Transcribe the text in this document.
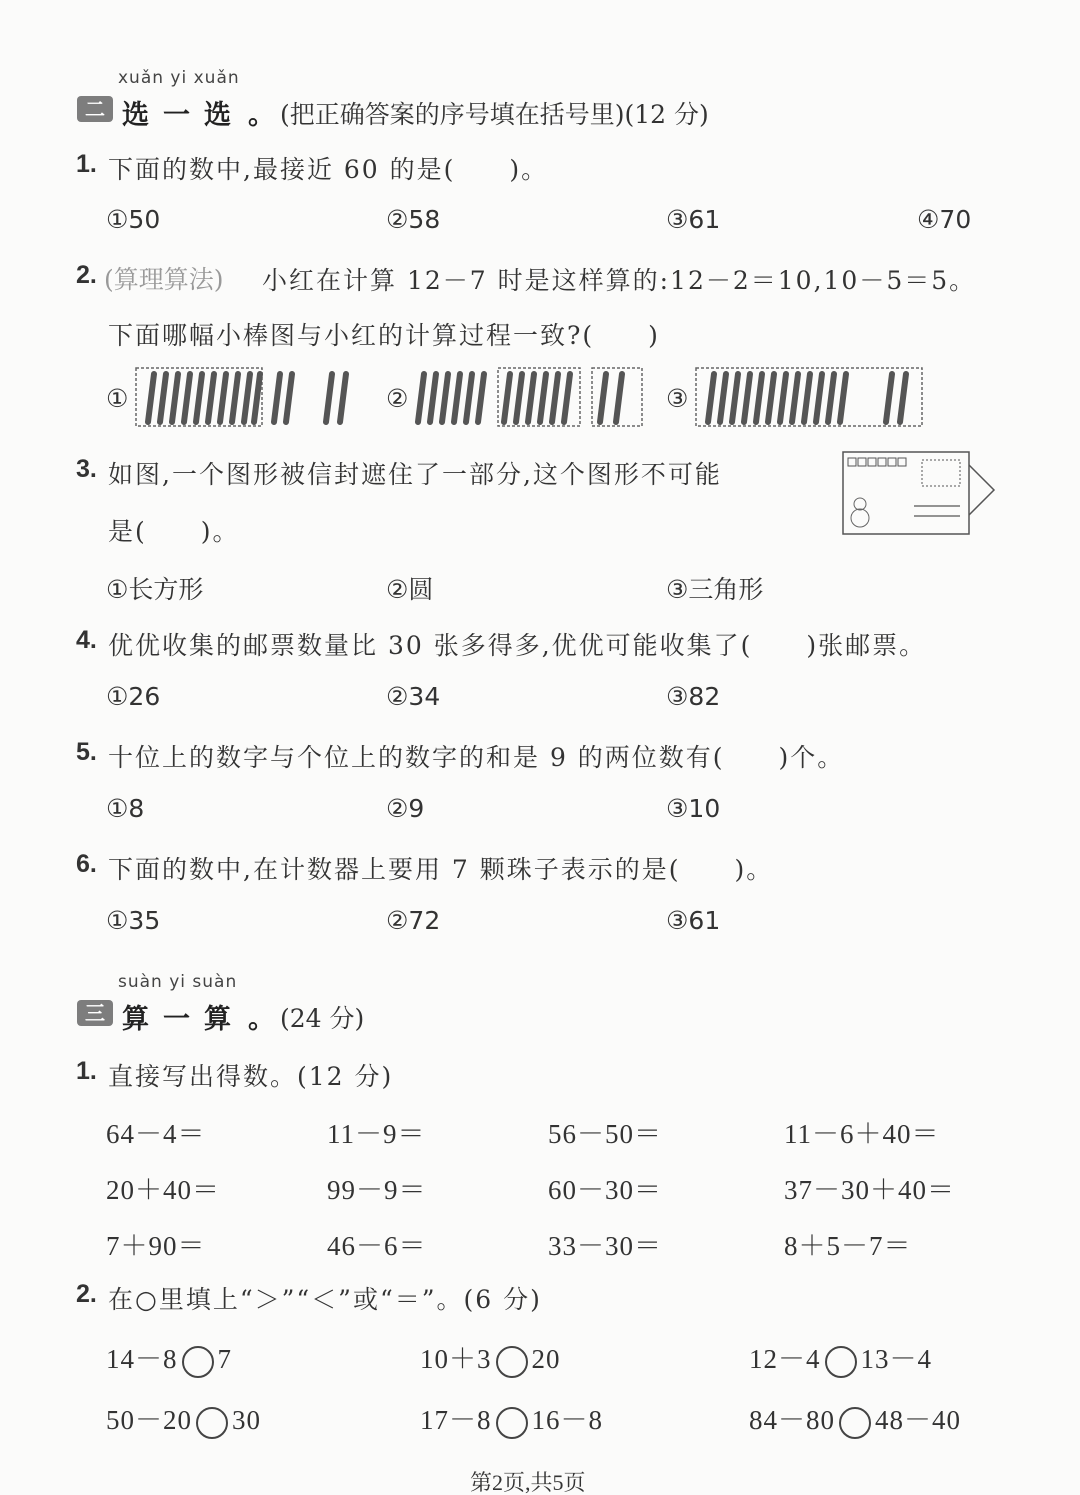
xuǎn yi xuǎn
二 选一选 。
(把正确答案的序号填在括号里)(12 分)
1. 下面的数中,最接近 60 的是(　　)。
①50	②58	③61	④70
2. (算理算法) 小红在计算 12－7 时是这样算的:12－2＝10,10－5＝5。
下面哪幅小棒图与小红的计算过程一致?(　　)
①	②	③
3. 如图,一个图形被信封遮住了一部分,这个图形不可能
是(　　)。
①长方形	②圆	③三角形
4. 优优收集的邮票数量比 30 张多得多,优优可能收集了(　　)张邮票。
①26	②34	③82
5. 十位上的数字与个位上的数字的和是 9 的两位数有(　　)个。
①8	②9	③10
6. 下面的数中,在计数器上要用 7 颗珠子表示的是(　　)。
①35	②72	③61
suàn yi suàn
三 算一算 。
(24 分)
1. 直接写出得数。(12 分)
64－4＝	11－9＝	56－50＝	11－6＋40＝
20＋40＝	99－9＝	60－30＝	37－30＋40＝
7＋90＝	46－6＝	33－30＝	8＋5－7＝
2. 在○里填上“＞”“＜”或“＝”。(6 分)
14－8 7	10＋3 20	12－4 13－4
50－20 30	17－8 16－8	84－80 48－40
第2页,共5页
